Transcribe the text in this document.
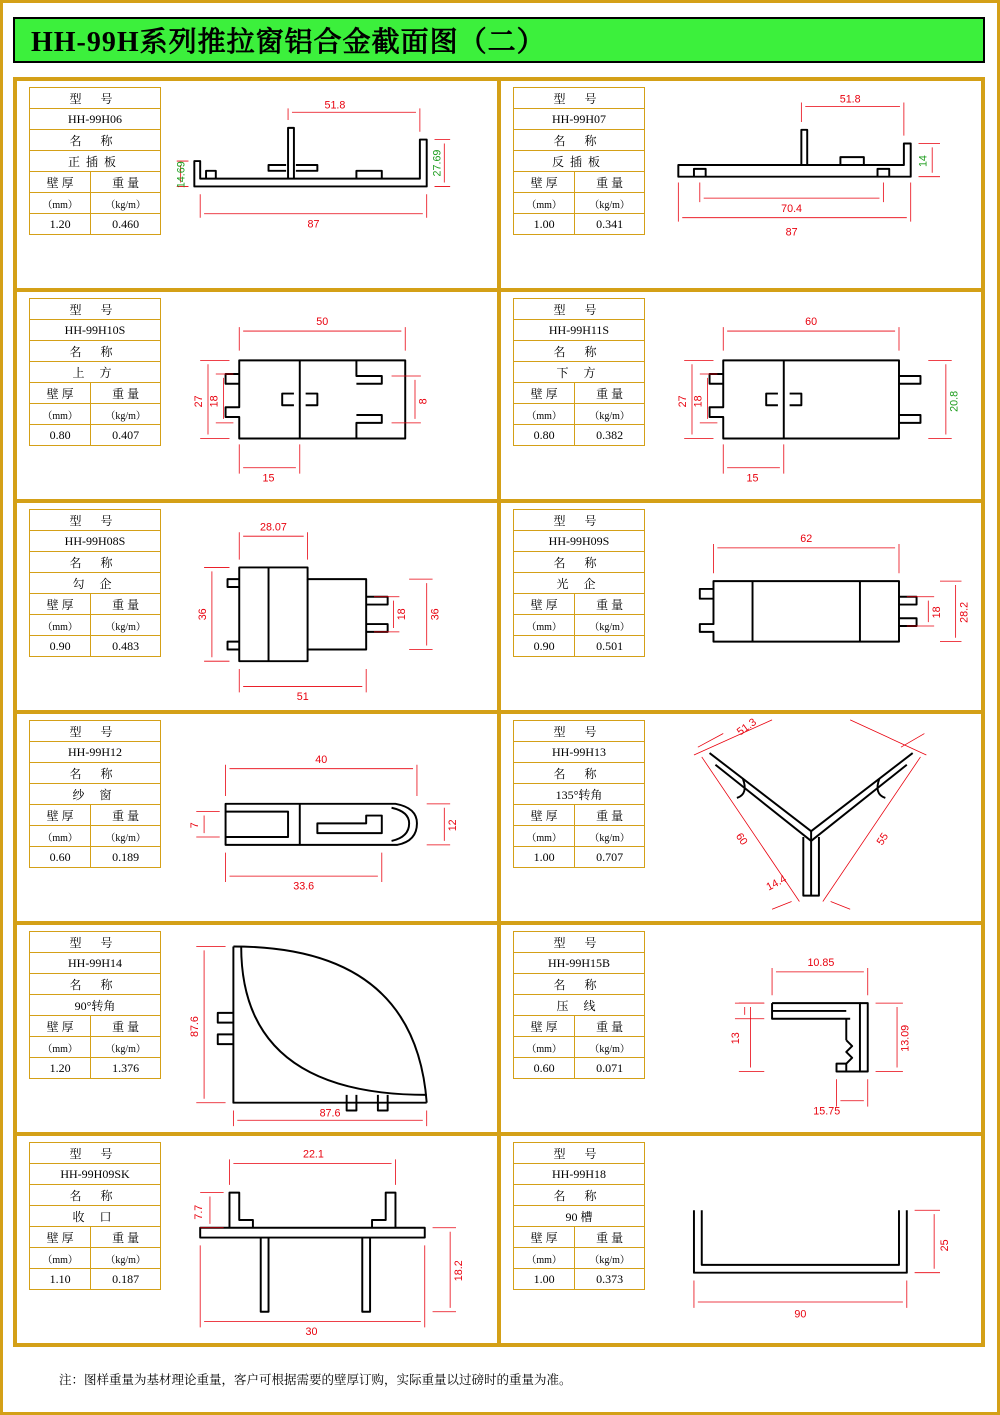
HH-99H系列推拉窗铝合金截面图（二）
型 号	
HH-99H06	
名 称	
正插板	
壁 厚	重 量
（mm）	（kg/m）
1.20	0.460
51.8
87
14.69	27.69
型 号	
HH-99H07	
名 称	
反插板	
壁 厚	重 量
（mm）	（kg/m）
1.00	0.341
51.8
14
70.4
87
型 号	
HH-99H10S	
名 称	
上 方	
壁 厚	重 量
（mm）	（kg/m）
0.80	0.407
50
27 18	8
15
型 号	
HH-99H11S	
名 称	
下 方	
壁 厚	重 量
（mm）	（kg/m）
0.80	0.382
60
27 18	20.8
15
型 号	
HH-99H08S	
名 称	
勾 企	
壁 厚	重 量
（mm）	（kg/m）
0.90	0.483
28.07
36	18 36
51
型 号	
HH-99H09S	
名 称	
光 企	
壁 厚	重 量
（mm）	（kg/m）
0.90	0.501
62
18 28.2
型 号	
HH-99H12	
名 称	
纱 窗	
壁 厚	重 量
（mm）	（kg/m）
0.60	0.189
40
7	12
33.6
型 号	
HH-99H13	
名 称	
135°转角	
壁 厚	重 量
（mm）	（kg/m）
1.00	0.707
51.3
60	55
14.4
型 号	
HH-99H14	
名 称	
90°转角	
壁 厚	重 量
（mm）	（kg/m）
1.20	1.376
87.6
87.6
型 号	
HH-99H15B	
名 称	
压 线	
壁 厚	重 量
（mm）	（kg/m）
0.60	0.071
10.85
13	13.09
15.75
型 号	
HH-99H09SK	
名 称	
收 口	
壁 厚	重 量
（mm）	（kg/m）
1.10	0.187
22.1
7.7
18.2
30
型 号	
HH-99H18	
名 称	
90 槽	
壁 厚	重 量
（mm）	（kg/m）
1.00	0.373
25
90
注：图样重量为基材理论重量，客户可根据需要的壁厚订购，实际重量以过磅时的重量为准。
